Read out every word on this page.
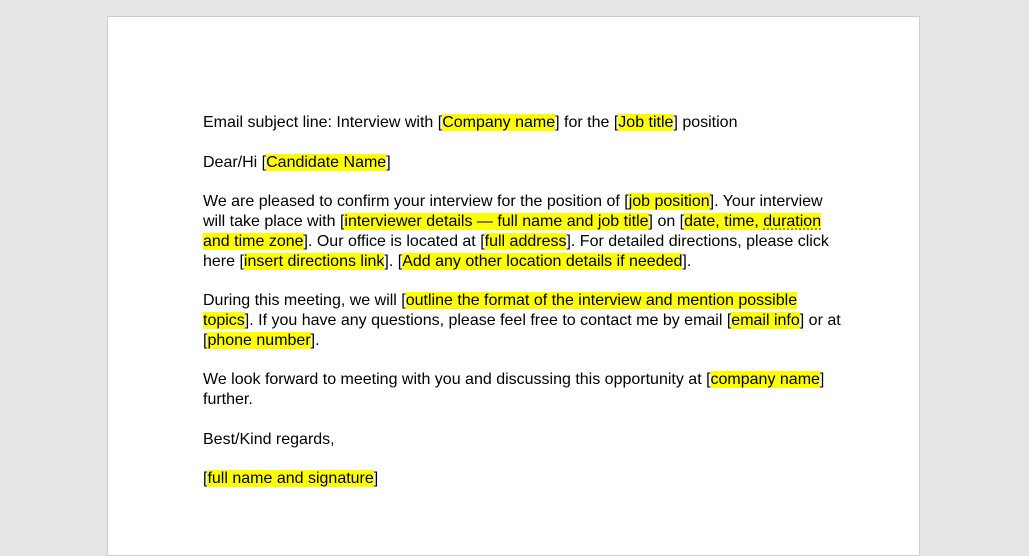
Email subject line: Interview with [Company name] for the [Job title] position

Dear/Hi [Candidate Name]

We are pleased to confirm your interview for the position of [job position]. Your interview will take place with [interviewer details — full name and job title] on [date, time, duration and time zone]. Our office is located at [full address]. For detailed directions, please click here [insert directions link]. [Add any other location details if needed].

During this meeting, we will [outline the format of the interview and mention possible topics]. If you have any questions, please feel free to contact me by email [email info] or at [phone number].

We look forward to meeting with you and discussing this opportunity at [company name] further.

Best/Kind regards,

[full name and signature]
